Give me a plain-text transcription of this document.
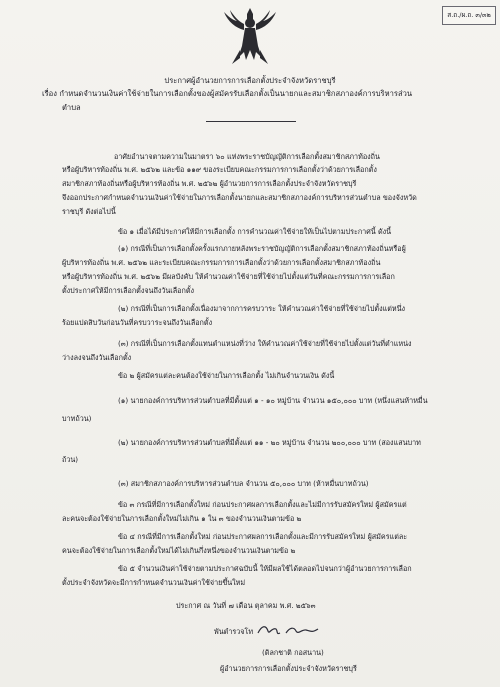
ส.ถ./ผ.ถ. ๓/๓๒
ประกาศผู้อำนวยการการเลือกตั้งประจำจังหวัดราชบุรี
เรื่อง กำหนดจำนวนเงินค่าใช้จ่ายในการเลือกตั้งของผู้สมัครรับเลือกตั้งเป็นนายกและสมาชิกสภาองค์การบริหารส่วน
ตำบล
อาศัยอำนาจตามความในมาตรา ๖๐ แห่งพระราชบัญญัติการเลือกตั้งสมาชิกสภาท้องถิ่น
หรือผู้บริหารท้องถิ่น พ.ศ. ๒๕๖๒ และข้อ ๑๑๙ ของระเบียบคณะกรรมการการเลือกตั้งว่าด้วยการเลือกตั้ง
สมาชิกสภาท้องถิ่นหรือผู้บริหารท้องถิ่น พ.ศ. ๒๕๖๒ ผู้อำนวยการการเลือกตั้งประจำจังหวัดราชบุรี
จึงออกประกาศกำหนดจำนวนเงินค่าใช้จ่ายในการเลือกตั้งนายกและสมาชิกสภาองค์การบริหารส่วนตำบล ของจังหวัด
ราชบุรี ดังต่อไปนี้
ข้อ ๑ เมื่อได้มีประกาศให้มีการเลือกตั้ง การคำนวณค่าใช้จ่ายให้เป็นไปตามประกาศนี้ ดังนี้
(๑) กรณีที่เป็นการเลือกตั้งครั้งแรกภายหลังพระราชบัญญัติการเลือกตั้งสมาชิกสภาท้องถิ่นหรือผู้
ผู้บริหารท้องถิ่น พ.ศ. ๒๕๖๒ และระเบียบคณะกรรมการการเลือกตั้งว่าด้วยการเลือกตั้งสมาชิกสภาท้องถิ่น
หรือผู้บริหารท้องถิ่น พ.ศ. ๒๕๖๒ มีผลบังคับ ให้คำนวณค่าใช้จ่ายที่ใช้จ่ายไปตั้งแต่วันที่คณะกรรมการการเลือก
ตั้งประกาศให้มีการเลือกตั้งจนถึงวันเลือกตั้ง
(๒) กรณีที่เป็นการเลือกตั้งเนื่องมาจากการครบวาระ ให้คำนวณค่าใช้จ่ายที่ใช้จ่ายไปตั้งแต่หนึ่ง
ร้อยแปดสิบวันก่อนวันที่ครบวาระจนถึงวันเลือกตั้ง
(๓) กรณีที่เป็นการเลือกตั้งแทนตำแหน่งที่ว่าง ให้คำนวณค่าใช้จ่ายที่ใช้จ่ายไปตั้งแต่วันที่ตำแหน่ง
ว่างลงจนถึงวันเลือกตั้ง
ข้อ ๒ ผู้สมัครแต่ละคนต้องใช้จ่ายในการเลือกตั้ง ไม่เกินจำนวนเงิน ดังนี้
(๑) นายกองค์การบริหารส่วนตำบลที่มีตั้งแต่ ๑ - ๑๐ หมู่บ้าน จำนวน ๑๕๐,๐๐๐ บาท (หนึ่งแสนห้าหมื่น
บาทถ้วน)
(๒) นายกองค์การบริหารส่วนตำบลที่มีตั้งแต่ ๑๑ - ๒๐ หมู่บ้าน จำนวน ๒๐๐,๐๐๐ บาท (สองแสนบาท
ถ้วน)
(๓) สมาชิกสภาองค์การบริหารส่วนตำบล จำนวน ๕๐,๐๐๐ บาท (ห้าหมื่นบาทถ้วน)
ข้อ ๓ กรณีที่มีการเลือกตั้งใหม่ ก่อนประกาศผลการเลือกตั้งและไม่มีการรับสมัครใหม่ ผู้สมัครแต่
ละคนจะต้องใช้จ่ายในการเลือกตั้งใหม่ไม่เกิน ๑ ใน ๓ ของจำนวนเงินตามข้อ ๒
ข้อ ๔ กรณีที่มีการเลือกตั้งใหม่ ก่อนประกาศผลการเลือกตั้งและมีการรับสมัครใหม่ ผู้สมัครแต่ละ
คนจะต้องใช้จ่ายในการเลือกตั้งใหม่ได้ไม่เกินกึ่งหนึ่งของจำนวนเงินตามข้อ ๒
ข้อ ๕ จำนวนเงินค่าใช้จ่ายตามประกาศฉบับนี้ ให้มีผลใช้ได้ตลอดไปจนกว่าผู้อำนวยการการเลือก
ตั้งประจำจังหวัดจะมีการกำหนดจำนวนเงินค่าใช้จ่ายขึ้นใหม่
ประกาศ ณ วันที่ ๗ เดือน ตุลาคม พ.ศ. ๒๕๖๓
พันตำรวจโท
(ดิลกชาติ กอสนาน)
ผู้อำนวยการการเลือกตั้งประจำจังหวัดราชบุรี
